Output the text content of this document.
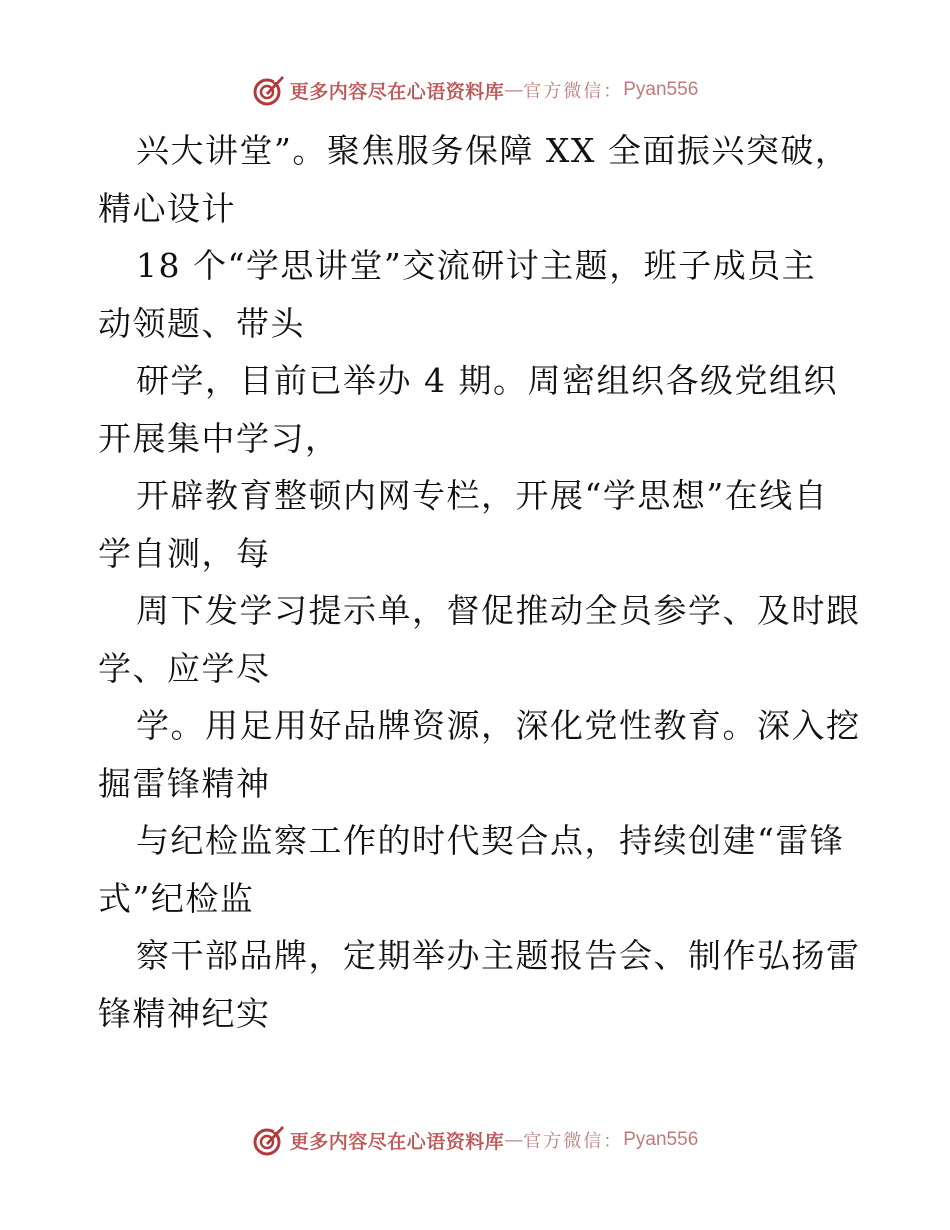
更多内容尽在心语资料库 — 官方微信： Pyan556
兴大讲堂”。聚焦服务保障 XX 全面振兴突破，
精心设计
18 个“学思讲堂”交流研讨主题，班子成员主
动领题、带头
研学，目前已举办 4 期。周密组织各级党组织
开展集中学习，
开辟教育整顿内网专栏，开展“学思想”在线自
学自测，每
周下发学习提示单，督促推动全员参学、及时跟
学、应学尽
学。用足用好品牌资源，深化党性教育。深入挖
掘雷锋精神
与纪检监察工作的时代契合点，持续创建“雷锋
式”纪检监
察干部品牌，定期举办主题报告会、制作弘扬雷
锋精神纪实
更多内容尽在心语资料库 — 官方微信： Pyan556
